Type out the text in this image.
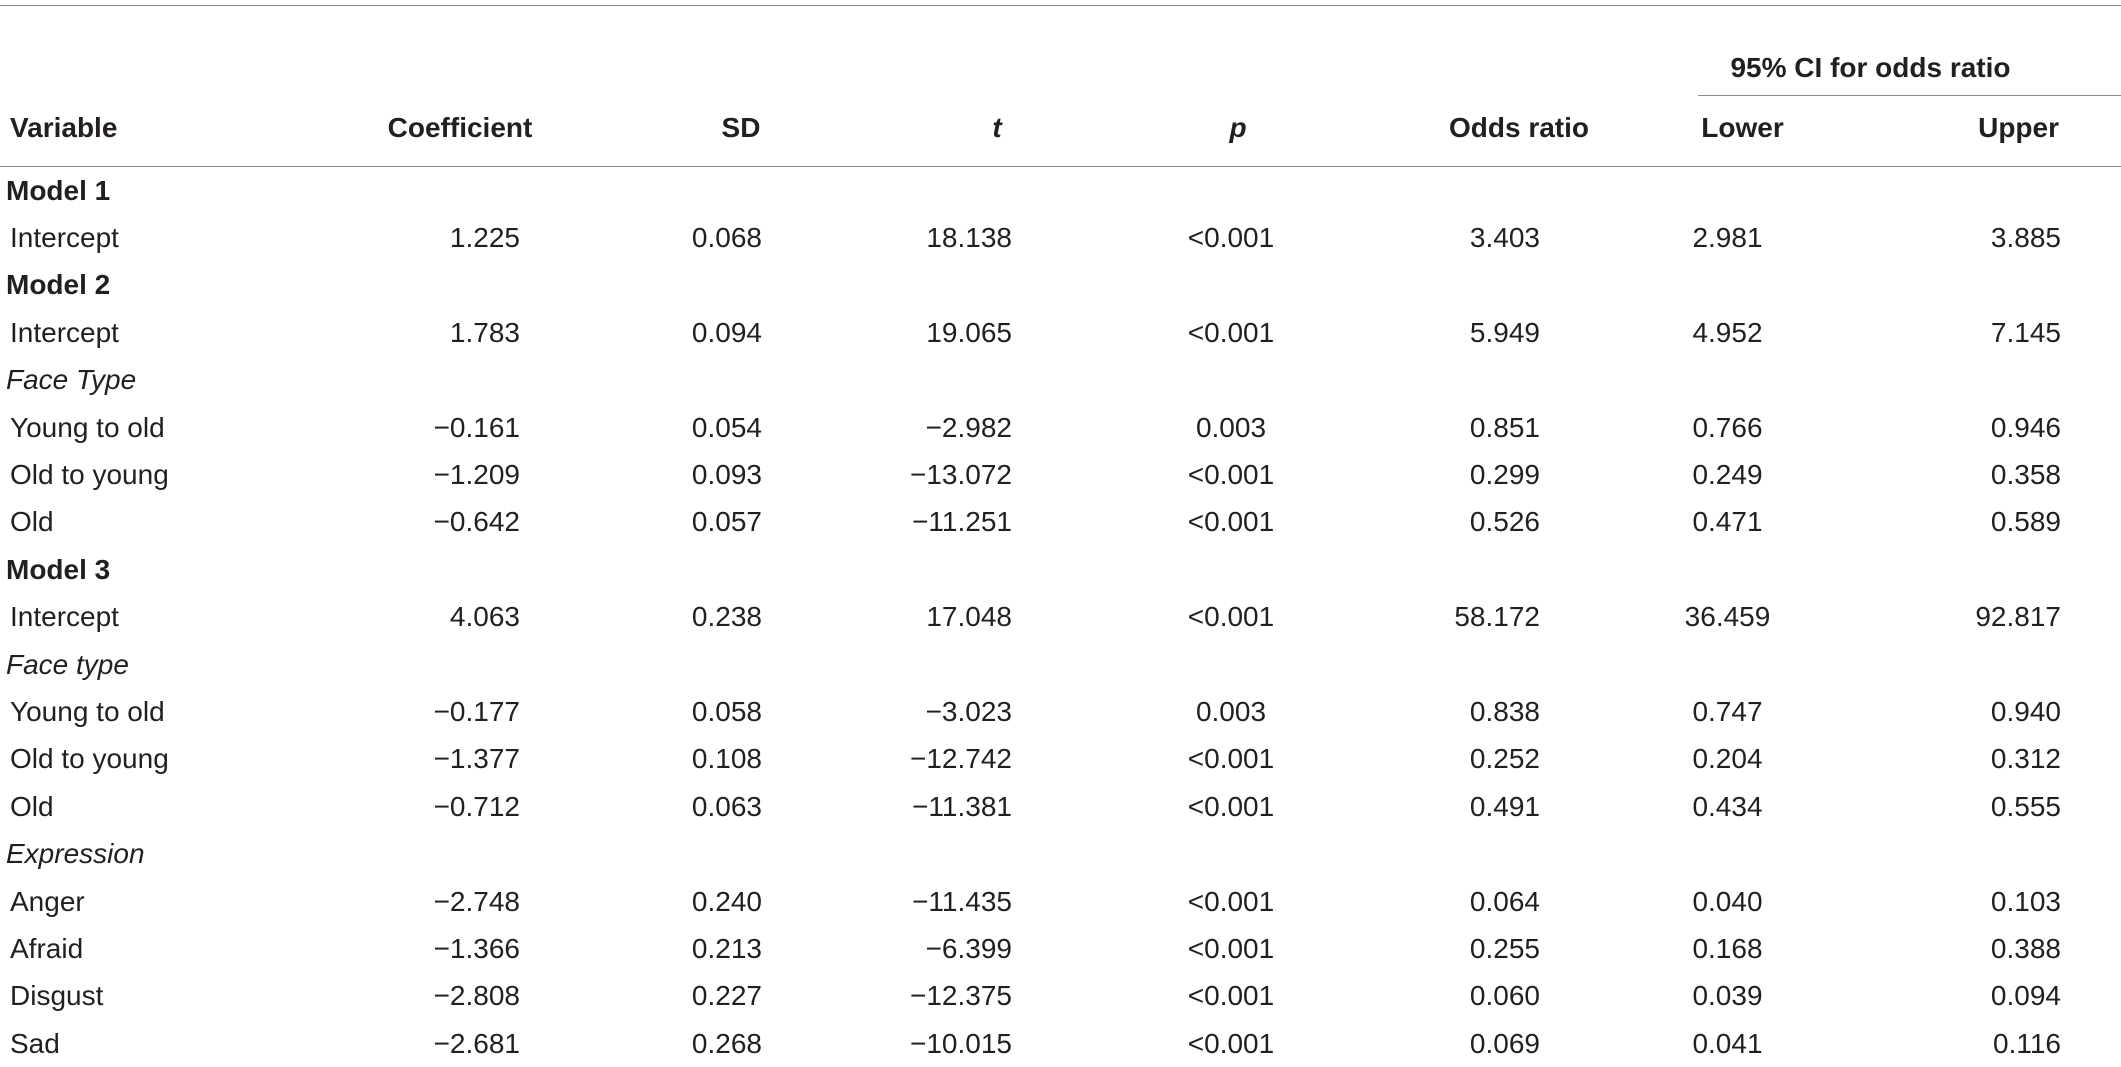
						95% CI for odds ratio	

Variable	Coefficient	SD	t	p	Odds ratio	Lower	Upper
Model 1							
Intercept	1.225	0.068	18.138	<0.001	3.403	2.981	3.885
Model 2							
Intercept	1.783	0.094	19.065	<0.001	5.949	4.952	7.145
Face Type							
Young to old	−0.161	0.054	−2.982	0.003	0.851	0.766	0.946
Old to young	−1.209	0.093	−13.072	<0.001	0.299	0.249	0.358
Old	−0.642	0.057	−11.251	<0.001	0.526	0.471	0.589
Model 3							
Intercept	4.063	0.238	17.048	<0.001	58.172	36.459	92.817
Face type							
Young to old	−0.177	0.058	−3.023	0.003	0.838	0.747	0.940
Old to young	−1.377	0.108	−12.742	<0.001	0.252	0.204	0.312
Old	−0.712	0.063	−11.381	<0.001	0.491	0.434	0.555
Expression							
Anger	−2.748	0.240	−11.435	<0.001	0.064	0.040	0.103
Afraid	−1.366	0.213	−6.399	<0.001	0.255	0.168	0.388
Disgust	−2.808	0.227	−12.375	<0.001	0.060	0.039	0.094
Sad	−2.681	0.268	−10.015	<0.001	0.069	0.041	0.116
